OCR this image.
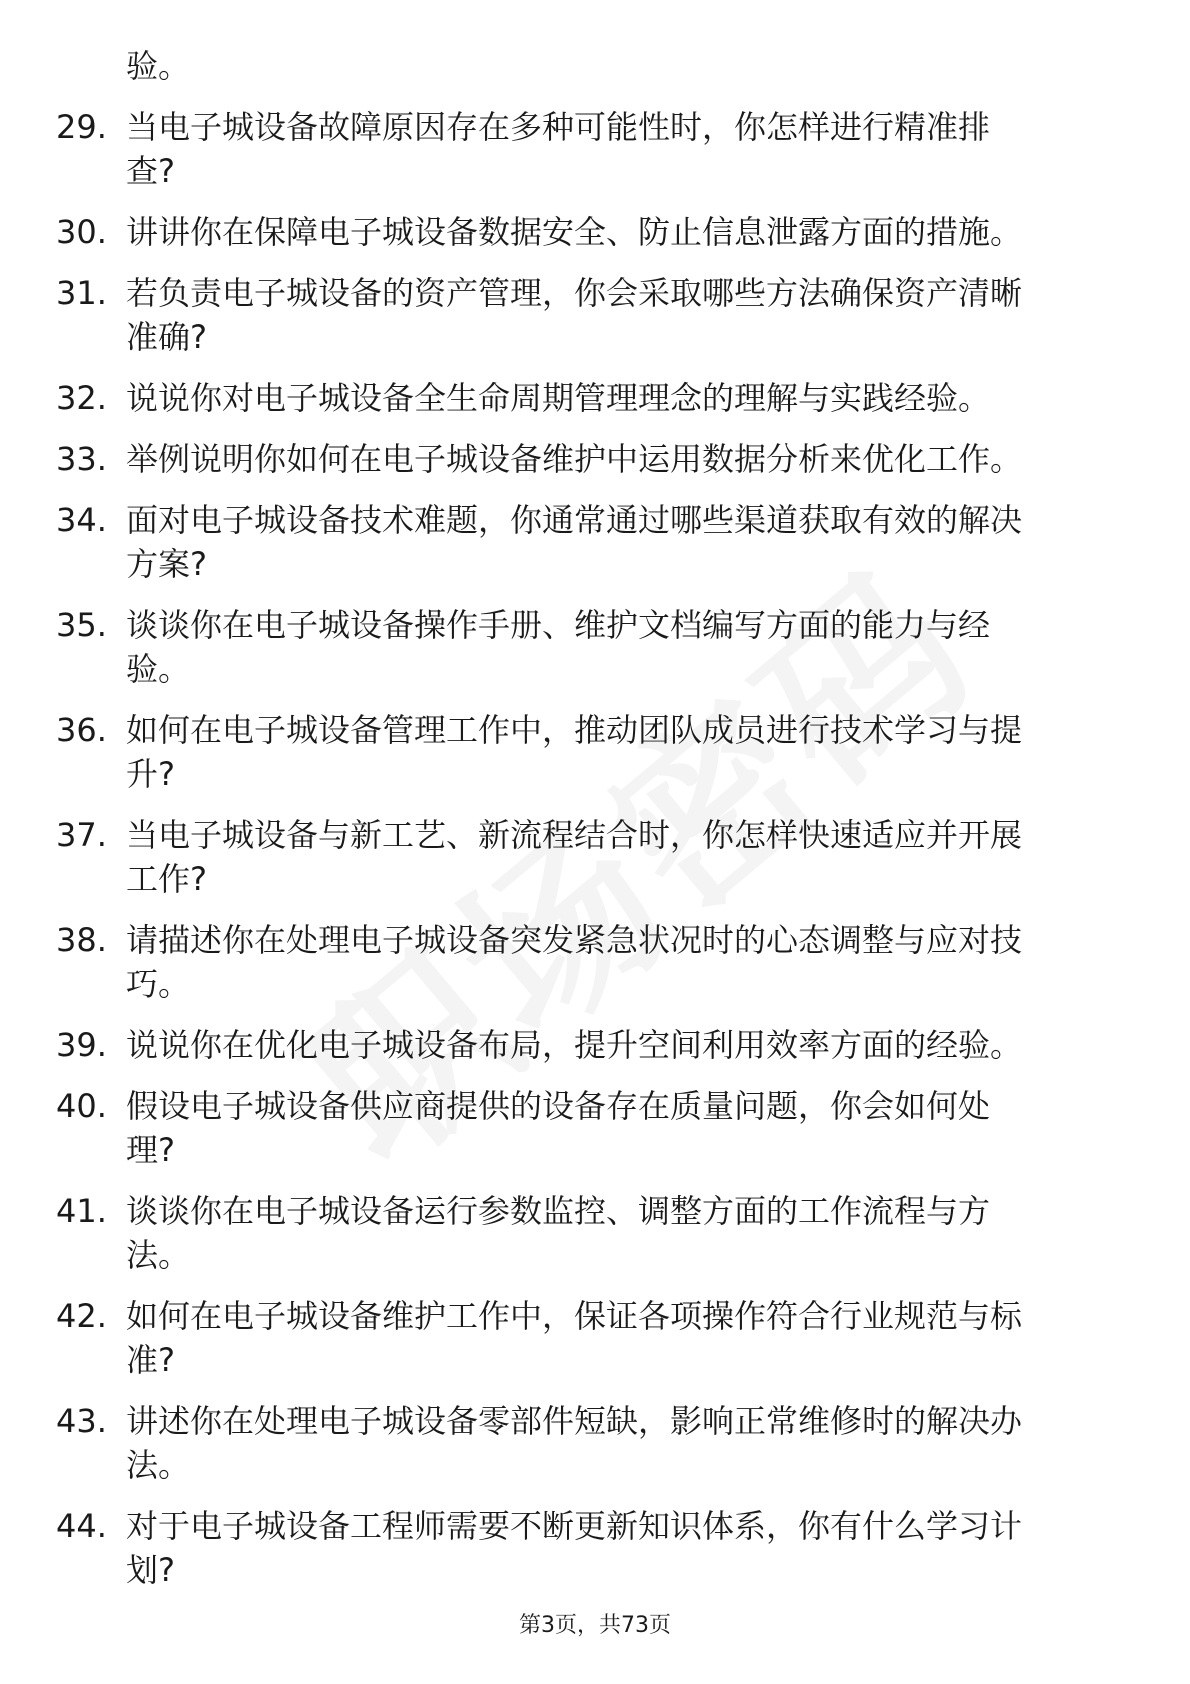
验。
29. 当电子城设备故障原因存在多种可能性时，你怎样进行精准排
查?
30. 讲讲你在保障电子城设备数据安全、防止信息泄露方面的措施。
31. 若负责电子城设备的资产管理，你会采取哪些方法确保资产清晰
准确?
32. 说说你对电子城设备全生命周期管理理念的理解与实践经验。
33. 举例说明你如何在电子城设备维护中运用数据分析来优化工作。
34. 面对电子城设备技术难题，你通常通过哪些渠道获取有效的解决
方案?
35. 谈谈你在电子城设备操作手册、维护文档编写方面的能力与经
验。
36. 如何在电子城设备管理工作中，推动团队成员进行技术学习与提
升?
37. 当电子城设备与新工艺、新流程结合时，你怎样快速适应并开展
工作?
38. 请描述你在处理电子城设备突发紧急状况时的心态调整与应对技
巧。
39. 说说你在优化电子城设备布局，提升空间利用效率方面的经验。
40. 假设电子城设备供应商提供的设备存在质量问题，你会如何处
理?
41. 谈谈你在电子城设备运行参数监控、调整方面的工作流程与方
法。
42. 如何在电子城设备维护工作中，保证各项操作符合行业规范与标
准?
43. 讲述你在处理电子城设备零部件短缺，影响正常维修时的解决办
法。
44. 对于电子城设备工程师需要不断更新知识体系，你有什么学习计
划?
第3页，共73页
